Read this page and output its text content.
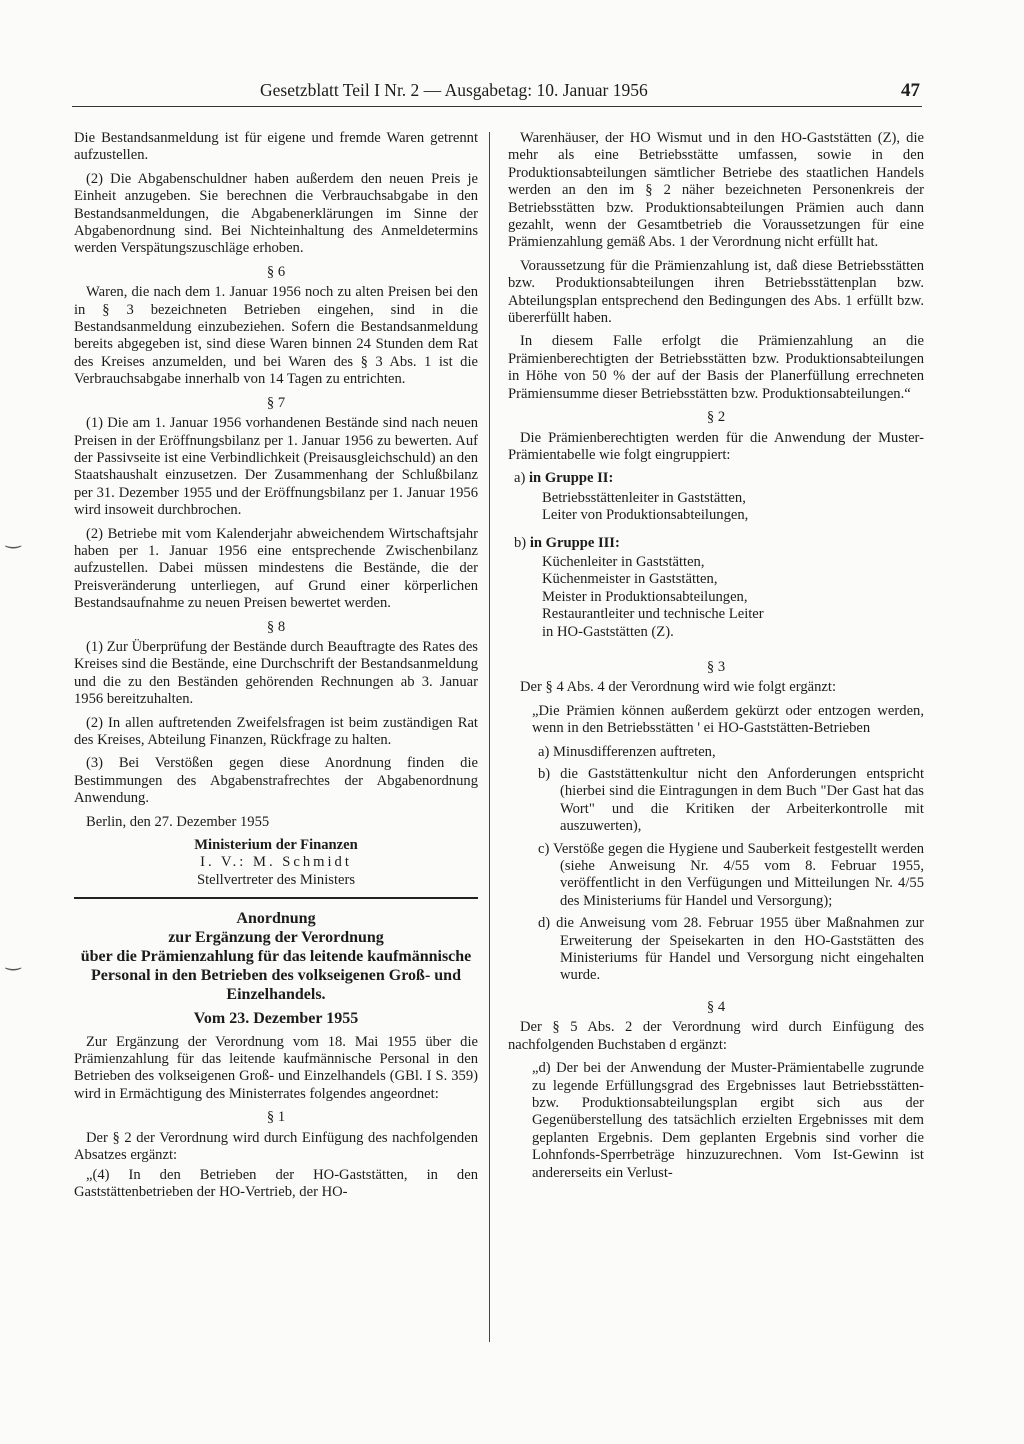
Gesetzblatt Teil I Nr. 2 — Ausgabetag: 10. Januar 1956	47
‿
‿

Die Bestandsanmeldung ist für eigene und fremde Waren getrennt aufzustellen.

(2) Die Abgabenschuldner haben außerdem den neuen Preis je Einheit anzugeben. Sie berechnen die Verbrauchsabgabe in den Bestandsanmeldungen, die Abgabenerklärungen im Sinne der Abgabenordnung sind. Bei Nichteinhaltung des Anmeldetermins werden Verspätungszuschläge erhoben.

§ 6

Waren, die nach dem 1. Januar 1956 noch zu alten Preisen bei den in § 3 bezeichneten Betrieben eingehen, sind in die Bestandsanmeldung einzubeziehen. Sofern die Bestandsanmeldung bereits abgegeben ist, sind diese Waren binnen 24 Stunden dem Rat des Kreises anzumelden, und bei Waren des § 3 Abs. 1 ist die Verbrauchsabgabe innerhalb von 14 Tagen zu entrichten.

§ 7

(1) Die am 1. Januar 1956 vorhandenen Bestände sind nach neuen Preisen in der Eröffnungsbilanz per 1. Januar 1956 zu bewerten. Auf der Passivseite ist eine Verbindlichkeit (Preisausgleichschuld) an den Staatshaushalt einzusetzen. Der Zusammenhang der Schlußbilanz per 31. Dezember 1955 und der Eröffnungsbilanz per 1. Januar 1956 wird insoweit durchbrochen.

(2) Betriebe mit vom Kalenderjahr abweichendem Wirtschaftsjahr haben per 1. Januar 1956 eine entsprechende Zwischenbilanz aufzustellen. Dabei müssen mindestens die Bestände, die der Preisveränderung unterliegen, auf Grund einer körperlichen Bestandsaufnahme zu neuen Preisen bewertet werden.

§ 8

(1) Zur Überprüfung der Bestände durch Beauftragte des Rates des Kreises sind die Bestände, eine Durchschrift der Bestandsanmeldung und die zu den Beständen gehörenden Rechnungen ab 3. Januar 1956 bereitzuhalten.

(2) In allen auftretenden Zweifelsfragen ist beim zuständigen Rat des Kreises, Abteilung Finanzen, Rückfrage zu halten.

(3) Bei Verstößen gegen diese Anordnung finden die Bestimmungen des Abgabenstrafrechtes der Abgabenordnung Anwendung.

Berlin, den 27. Dezember 1955

Ministerium der Finanzen
I. V.: M. Schmidt
Stellvertreter des Ministers
Anordnung
zur Ergänzung der Verordnung
über die Prämienzahlung für das leitende kaufmännische Personal in den Betrieben des volkseigenen Groß- und Einzelhandels.
Vom 23. Dezember 1955

Zur Ergänzung der Verordnung vom 18. Mai 1955 über die Prämienzahlung für das leitende kaufmännische Personal in den Betrieben des volkseigenen Groß- und Einzelhandels (GBl. I S. 359) wird in Ermächtigung des Ministerrates folgendes angeordnet:

§ 1

Der § 2 der Verordnung wird durch Einfügung des nachfolgenden Absatzes ergänzt:

„(4) In den Betrieben der HO-Gaststätten, in den Gaststättenbetrieben der HO-Vertrieb, der HO-

Warenhäuser, der HO Wismut und in den HO-Gaststätten (Z), die mehr als eine Betriebsstätte umfassen, sowie in den Produktionsabteilungen sämtlicher Betriebe des staatlichen Handels werden an den im § 2 näher bezeichneten Personenkreis der Betriebsstätten bzw. Produktionsabteilungen Prämien auch dann gezahlt, wenn der Gesamtbetrieb die Voraussetzungen für eine Prämienzahlung gemäß Abs. 1 der Verordnung nicht erfüllt hat.

Voraussetzung für die Prämienzahlung ist, daß diese Betriebsstätten bzw. Produktionsabteilungen ihren Betriebsstättenplan bzw. Abteilungsplan entsprechend den Bedingungen des Abs. 1 erfüllt bzw. übererfüllt haben.

In diesem Falle erfolgt die Prämienzahlung an die Prämienberechtigten der Betriebsstätten bzw. Produktionsabteilungen in Höhe von 50 % der auf der Basis der Planerfüllung errechneten Prämiensumme dieser Betriebsstätten bzw. Produktionsabteilungen.“

§ 2

Die Prämienberechtigten werden für die Anwendung der Muster-Prämientabelle wie folgt eingruppiert:

a) in Gruppe II:
Betriebsstättenleiter in Gaststätten,
Leiter von Produktionsabteilungen,
b) in Gruppe III:
Küchenleiter in Gaststätten,
Küchenmeister in Gaststätten,
Meister in Produktionsabteilungen,
Restaurantleiter und technische Leiter
in HO-Gaststätten (Z).
§ 3

Der § 4 Abs. 4 der Verordnung wird wie folgt ergänzt:

„Die Prämien können außerdem gekürzt oder entzogen werden, wenn in den Betriebsstätten ' ei HO-Gaststätten-Betrieben

a) Minusdifferenzen auftreten,

b) die Gaststättenkultur nicht den Anforderungen entspricht (hierbei sind die Eintragungen in dem Buch "Der Gast hat das Wort" und die Kritiken der Arbeiterkontrolle mit auszuwerten),

c) Verstöße gegen die Hygiene und Sauberkeit festgestellt werden (siehe Anweisung Nr. 4/55 vom 8. Februar 1955, veröffentlicht in den Verfügungen und Mitteilungen Nr. 4/55 des Ministeriums für Handel und Versorgung);

d) die Anweisung vom 28. Februar 1955 über Maßnahmen zur Erweiterung der Speisekarten in den HO-Gaststätten des Ministeriums für Handel und Versorgung nicht eingehalten wurde.

§ 4

Der § 5 Abs. 2 der Verordnung wird durch Einfügung des nachfolgenden Buchstaben d ergänzt:

„d) Der bei der Anwendung der Muster-Prämientabelle zugrunde zu legende Erfüllungsgrad des Ergebnisses laut Betriebsstätten- bzw. Produktionsabteilungsplan ergibt sich aus der Gegenüberstellung des tatsächlich erzielten Ergebnisses mit dem geplanten Ergebnis. Dem geplanten Ergebnis sind vorher die Lohnfonds-Sperrbeträge hinzuzurechnen. Vom Ist-Gewinn ist andererseits ein Verlust-
